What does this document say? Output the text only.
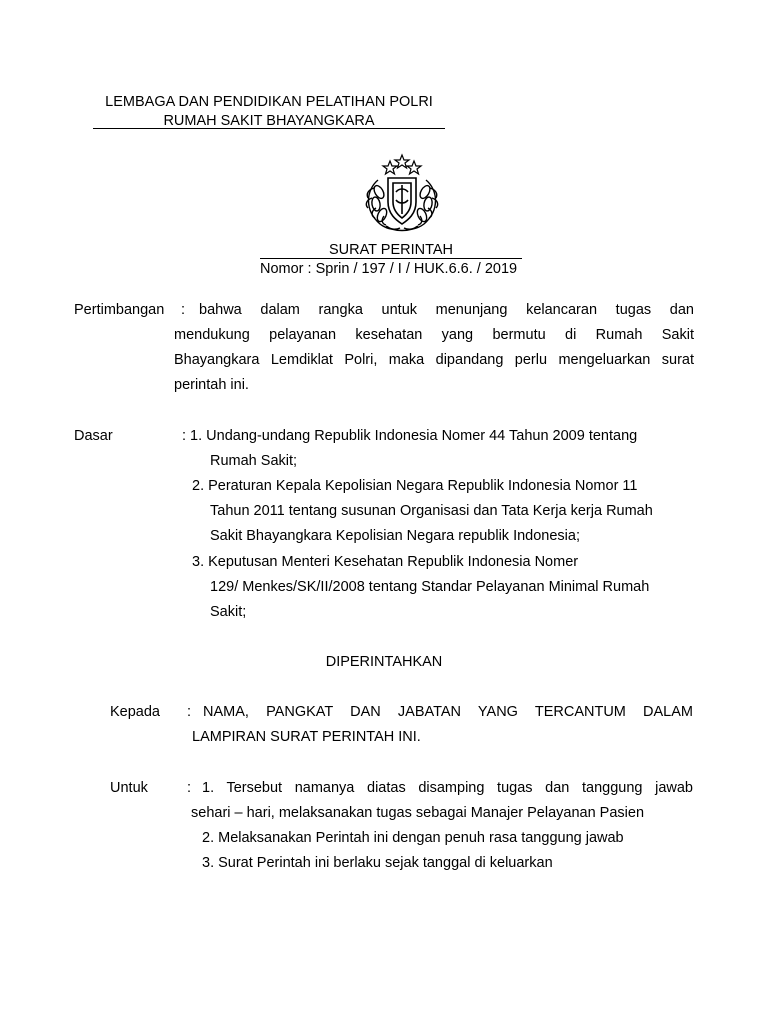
LEMBAGA DAN PENDIDIKAN PELATIHAN POLRI
RUMAH SAKIT BHAYANGKARA
SURAT PERINTAH
Nomor : Sprin / 197 / I / HUK.6.6. / 2019
Pertimbangan : bahwa dalam rangka untuk menunjang kelancaran tugas dan
mendukung pelayanan kesehatan yang bermutu di Rumah Sakit
Bhayangkara Lemdiklat Polri, maka dipandang perlu mengeluarkan surat
perintah ini.
Dasar	: 1. Undang-undang Republik Indonesia Nomer 44 Tahun 2009 tentang
Rumah Sakit;
2. Peraturan Kepala Kepolisian Negara Republik Indonesia Nomor 11
Tahun 2011 tentang susunan Organisasi dan Tata Kerja kerja Rumah
Sakit Bhayangkara Kepolisian Negara republik Indonesia;
3. Keputusan Menteri Kesehatan Republik Indonesia Nomer
129/ Menkes/SK/II/2008 tentang Standar Pelayanan Minimal Rumah
Sakit;
DIPERINTAHKAN
Kepada : NAMA, PANGKAT DAN JABATAN YANG TERCANTUM DALAM
LAMPIRAN SURAT PERINTAH INI.
Untuk	: 1. Tersebut namanya diatas disamping tugas dan tanggung jawab
sehari – hari, melaksanakan tugas sebagai Manajer Pelayanan Pasien
2. Melaksanakan Perintah ini dengan penuh rasa tanggung jawab
3. Surat Perintah ini berlaku sejak tanggal di keluarkan
